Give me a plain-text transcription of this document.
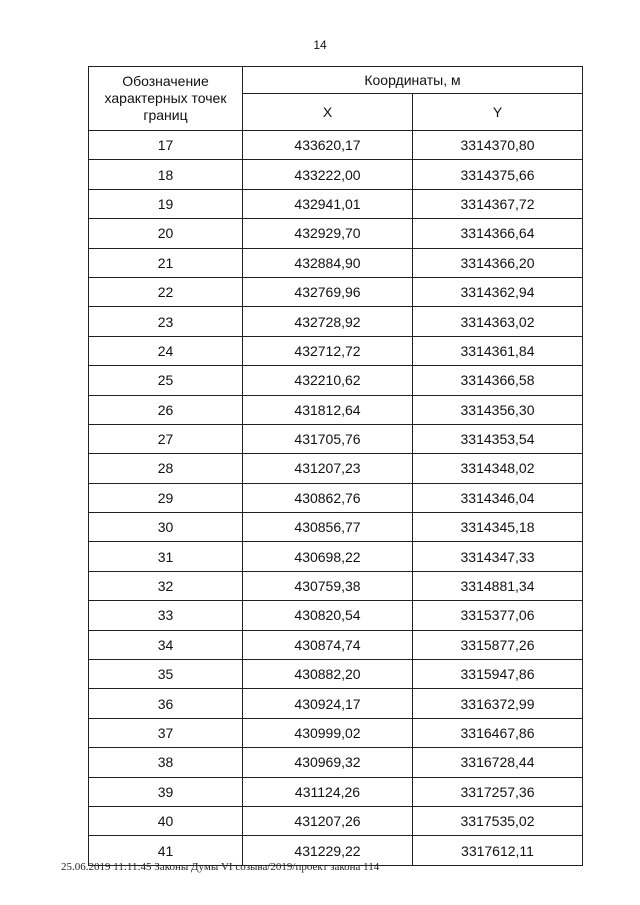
14
Обозначение характерных точек границ	Координаты, м	
	X	Y
17	433620,17	3314370,80
18	433222,00	3314375,66
19	432941,01	3314367,72
20	432929,70	3314366,64
21	432884,90	3314366,20
22	432769,96	3314362,94
23	432728,92	3314363,02
24	432712,72	3314361,84
25	432210,62	3314366,58
26	431812,64	3314356,30
27	431705,76	3314353,54
28	431207,23	3314348,02
29	430862,76	3314346,04
30	430856,77	3314345,18
31	430698,22	3314347,33
32	430759,38	3314881,34
33	430820,54	3315377,06
34	430874,74	3315877,26
35	430882,20	3315947,86
36	430924,17	3316372,99
37	430999,02	3316467,86
38	430969,32	3316728,44
39	431124,26	3317257,36
40	431207,26	3317535,02
41	431229,22	3317612,11
25.06.2019 11:11:45 Законы Думы VI созыва/2019/проект закона 114
